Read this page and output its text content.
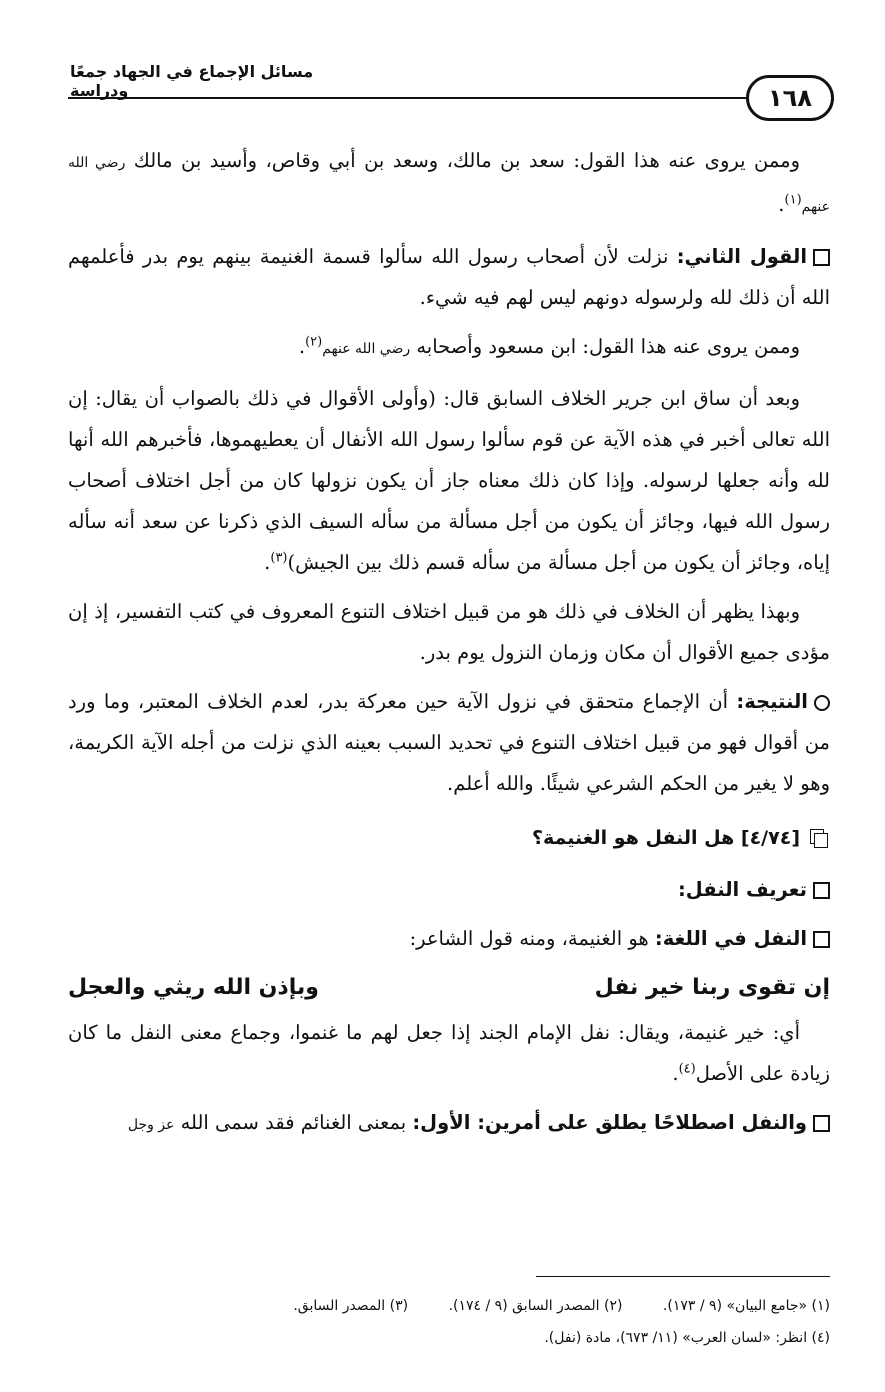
مسائل الإجماع في الجهاد جمعًا ودراسة	١٦٨

وممن يروى عنه هذا القول: سعد بن مالك، وسعد بن أبي وقاص، وأسيد بن مالك رضي الله عنهم$^{(١)}$.

القول الثاني: نزلت لأن أصحاب رسول الله سألوا قسمة الغنيمة بينهم يوم بدر فأعلمهم الله أن ذلك لله ولرسوله دونهم ليس لهم فيه شيء.

وممن يروى عنه هذا القول: ابن مسعود وأصحابه رضي الله عنهم$^{(٢)}$.

وبعد أن ساق ابن جرير الخلاف السابق قال: (وأولى الأقوال في ذلك بالصواب أن يقال: إن الله تعالى أخبر في هذه الآية عن قوم سألوا رسول الله الأنفال أن يعطيهموها، فأخبرهم الله أنها لله وأنه جعلها لرسوله. وإذا كان ذلك معناه جاز أن يكون نزولها كان من أجل اختلاف أصحاب رسول الله فيها، وجائز أن يكون من أجل مسألة من سأله السيف الذي ذكرنا عن سعد أنه سأله إياه، وجائز أن يكون من أجل مسألة من سأله قسم ذلك بين الجيش)$^{(٣)}$.

وبهذا يظهر أن الخلاف في ذلك هو من قبيل اختلاف التنوع المعروف في كتب التفسير، إذ إن مؤدى جميع الأقوال أن مكان وزمان النزول يوم بدر.

النتيجة: أن الإجماع متحقق في نزول الآية حين معركة بدر، لعدم الخلاف المعتبر، وما ورد من أقوال فهو من قبيل اختلاف التنوع في تحديد السبب بعينه الذي نزلت من أجله الآية الكريمة، وهو لا يغير من الحكم الشرعي شيئًا. والله أعلم.

[٤/٧٤] هل النفل هو الغنيمة؟

تعريف النفل:

النفل في اللغة: هو الغنيمة، ومنه قول الشاعر:

إن تقوى ربنا خير نفل
وبإذن الله ريثي والعجل

أي: خير غنيمة، ويقال: نفل الإمام الجند إذا جعل لهم ما غنموا، وجماع معنى النفل ما كان زيادة على الأصل$^{(٤)}$.

والنفل اصطلاحًا يطلق على أمرين: الأول: بمعنى الغنائم فقد سمى الله عز وجل

(١) «جامع البيان» (٩ / ١٧٣). (٢) المصدر السابق (٩ / ١٧٤). (٣) المصدر السابق.
(٤) انظر: «لسان العرب» (١١/ ٦٧٣)، مادة (نفل).
